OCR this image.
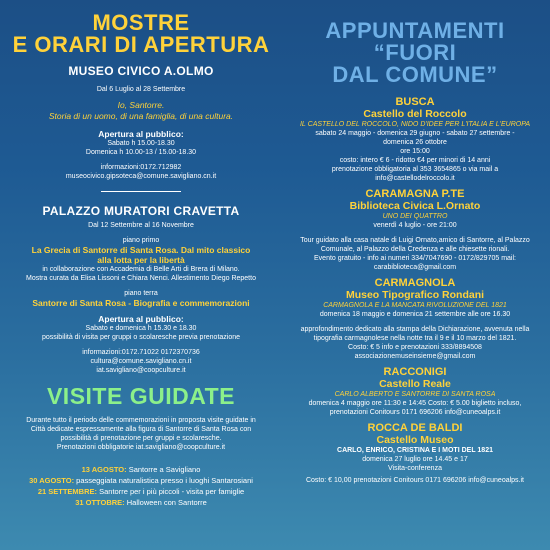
MOSTRE
E ORARI DI APERTURA
MUSEO CIVICO A.OLMO
Dal 6 Luglio al 28 Settembre
Io, Santorre.
Storia di un uomo, di una famiglia, di una cultura.
Apertura al pubblico:
Sabato h 15.00-18.30
Domenica h 10.00-13 / 15.00-18.30
informazioni:0172.712982
museocivico.gipsoteca@comune.savigliano.cn.it
PALAZZO MURATORI CRAVETTA
Dal 12 Settembre al 16 Novembre
piano primo
La Grecia di Santorre di Santa Rosa. Dal mito classico
alla lotta per la libertà
in collaborazione con Accademia di Belle Arti di Brera di Milano.
Mostra curata da Elisa Lissoni e Chiara Nenci. Allestimento Diego Repetto
piano terra
Santorre di Santa Rosa - Biografia e commemorazioni
Apertura al pubblico:
Sabato e domenica h 15.30 e 18.30
possibilità di visita per gruppi o scolaresche previa prenotazione
informazioni:0172.71022 0172370736
cultura@comune.savigliano.cn.it
iat.savigliano@coopculture.it
VISITE GUIDATE
Durante tutto il periodo delle commemorazioni in proposta visite guidate in
Città dedicate espressamente alla figura di Santorre di Santa Rosa con
possibilità di prenotazione per gruppi e scolaresche.
Prenotazioni obbligatorie iat.savigliano@coopculture.it
13 AGOSTO: Santorre a Savigliano
30 AGOSTO: passeggiata naturalistica presso i luoghi Santarosiani
21 SETTEMBRE: Santorre per i più piccoli - visita per famiglie
31 OTTOBRE: Halloween con Santorre
APPUNTAMENTI “FUORI
DAL COMUNE”
BUSCA
Castello del Roccolo
IL CASTELLO DEL ROCCOLO, NIDO D'IDEE PER L'ITALIA E L'EUROPA
sabato 24 maggio - domenica 29 giugno - sabato 27 settembre -
domenica 26 ottobre
ore 15:00
costo: intero € 6 - ridotto €4 per minori di 14 anni
prenotazione obbligatoria al 353 3654865 o via mail a
info@castellodelroccolo.it
CARAMAGNA P.TE
Biblioteca Civica L.Ornato
UNO DEI QUATTRO
venerdì 4 luglio - ore 21:00
Tour guidato alla casa natale di Luigi Ornato,amico di Santorre, al Palazzo
Comunale, al Palazzo della Credenza e alle chiesette rionali.
Evento gratuito - info ai numeri 334/7047690 - 0172/829705 mail:
carabiblioteca@gmail.com
CARMAGNOLA
Museo Tipografico Rondani
CARMAGNOLA E LA MANCATA RIVOLUZIONE DEL 1821
domenica 18 maggio e domenica 21 settembre alle ore 16.30
approfondimento dedicato alla stampa della Dichiarazione, avvenuta nella
tipografia carmagnolese nella notte tra il 9 e il 10 marzo del 1821.
Costo: € 5 info e prenotazioni 333/8894508
associazionemuseinsieme@gmail.com
RACCONIGI
Castello Reale
CARLO ALBERTO E SANTORRE DI SANTA ROSA
domenica 4 maggio ore 11:30 e 14:45 Costo: € 5.00 biglietto incluso,
prenotazioni Conitours 0171 696206 info@cuneoalps.it
ROCCA DE BALDI
Castello Museo
CARLO, ENRICO, CRISTINA E I MOTI DEL 1821
domenica 27 luglio ore 14.45 e 17
Visita-conferenza
Costo: € 10,00 prenotazioni Conitours 0171 696206 info@cuneoalps.it
